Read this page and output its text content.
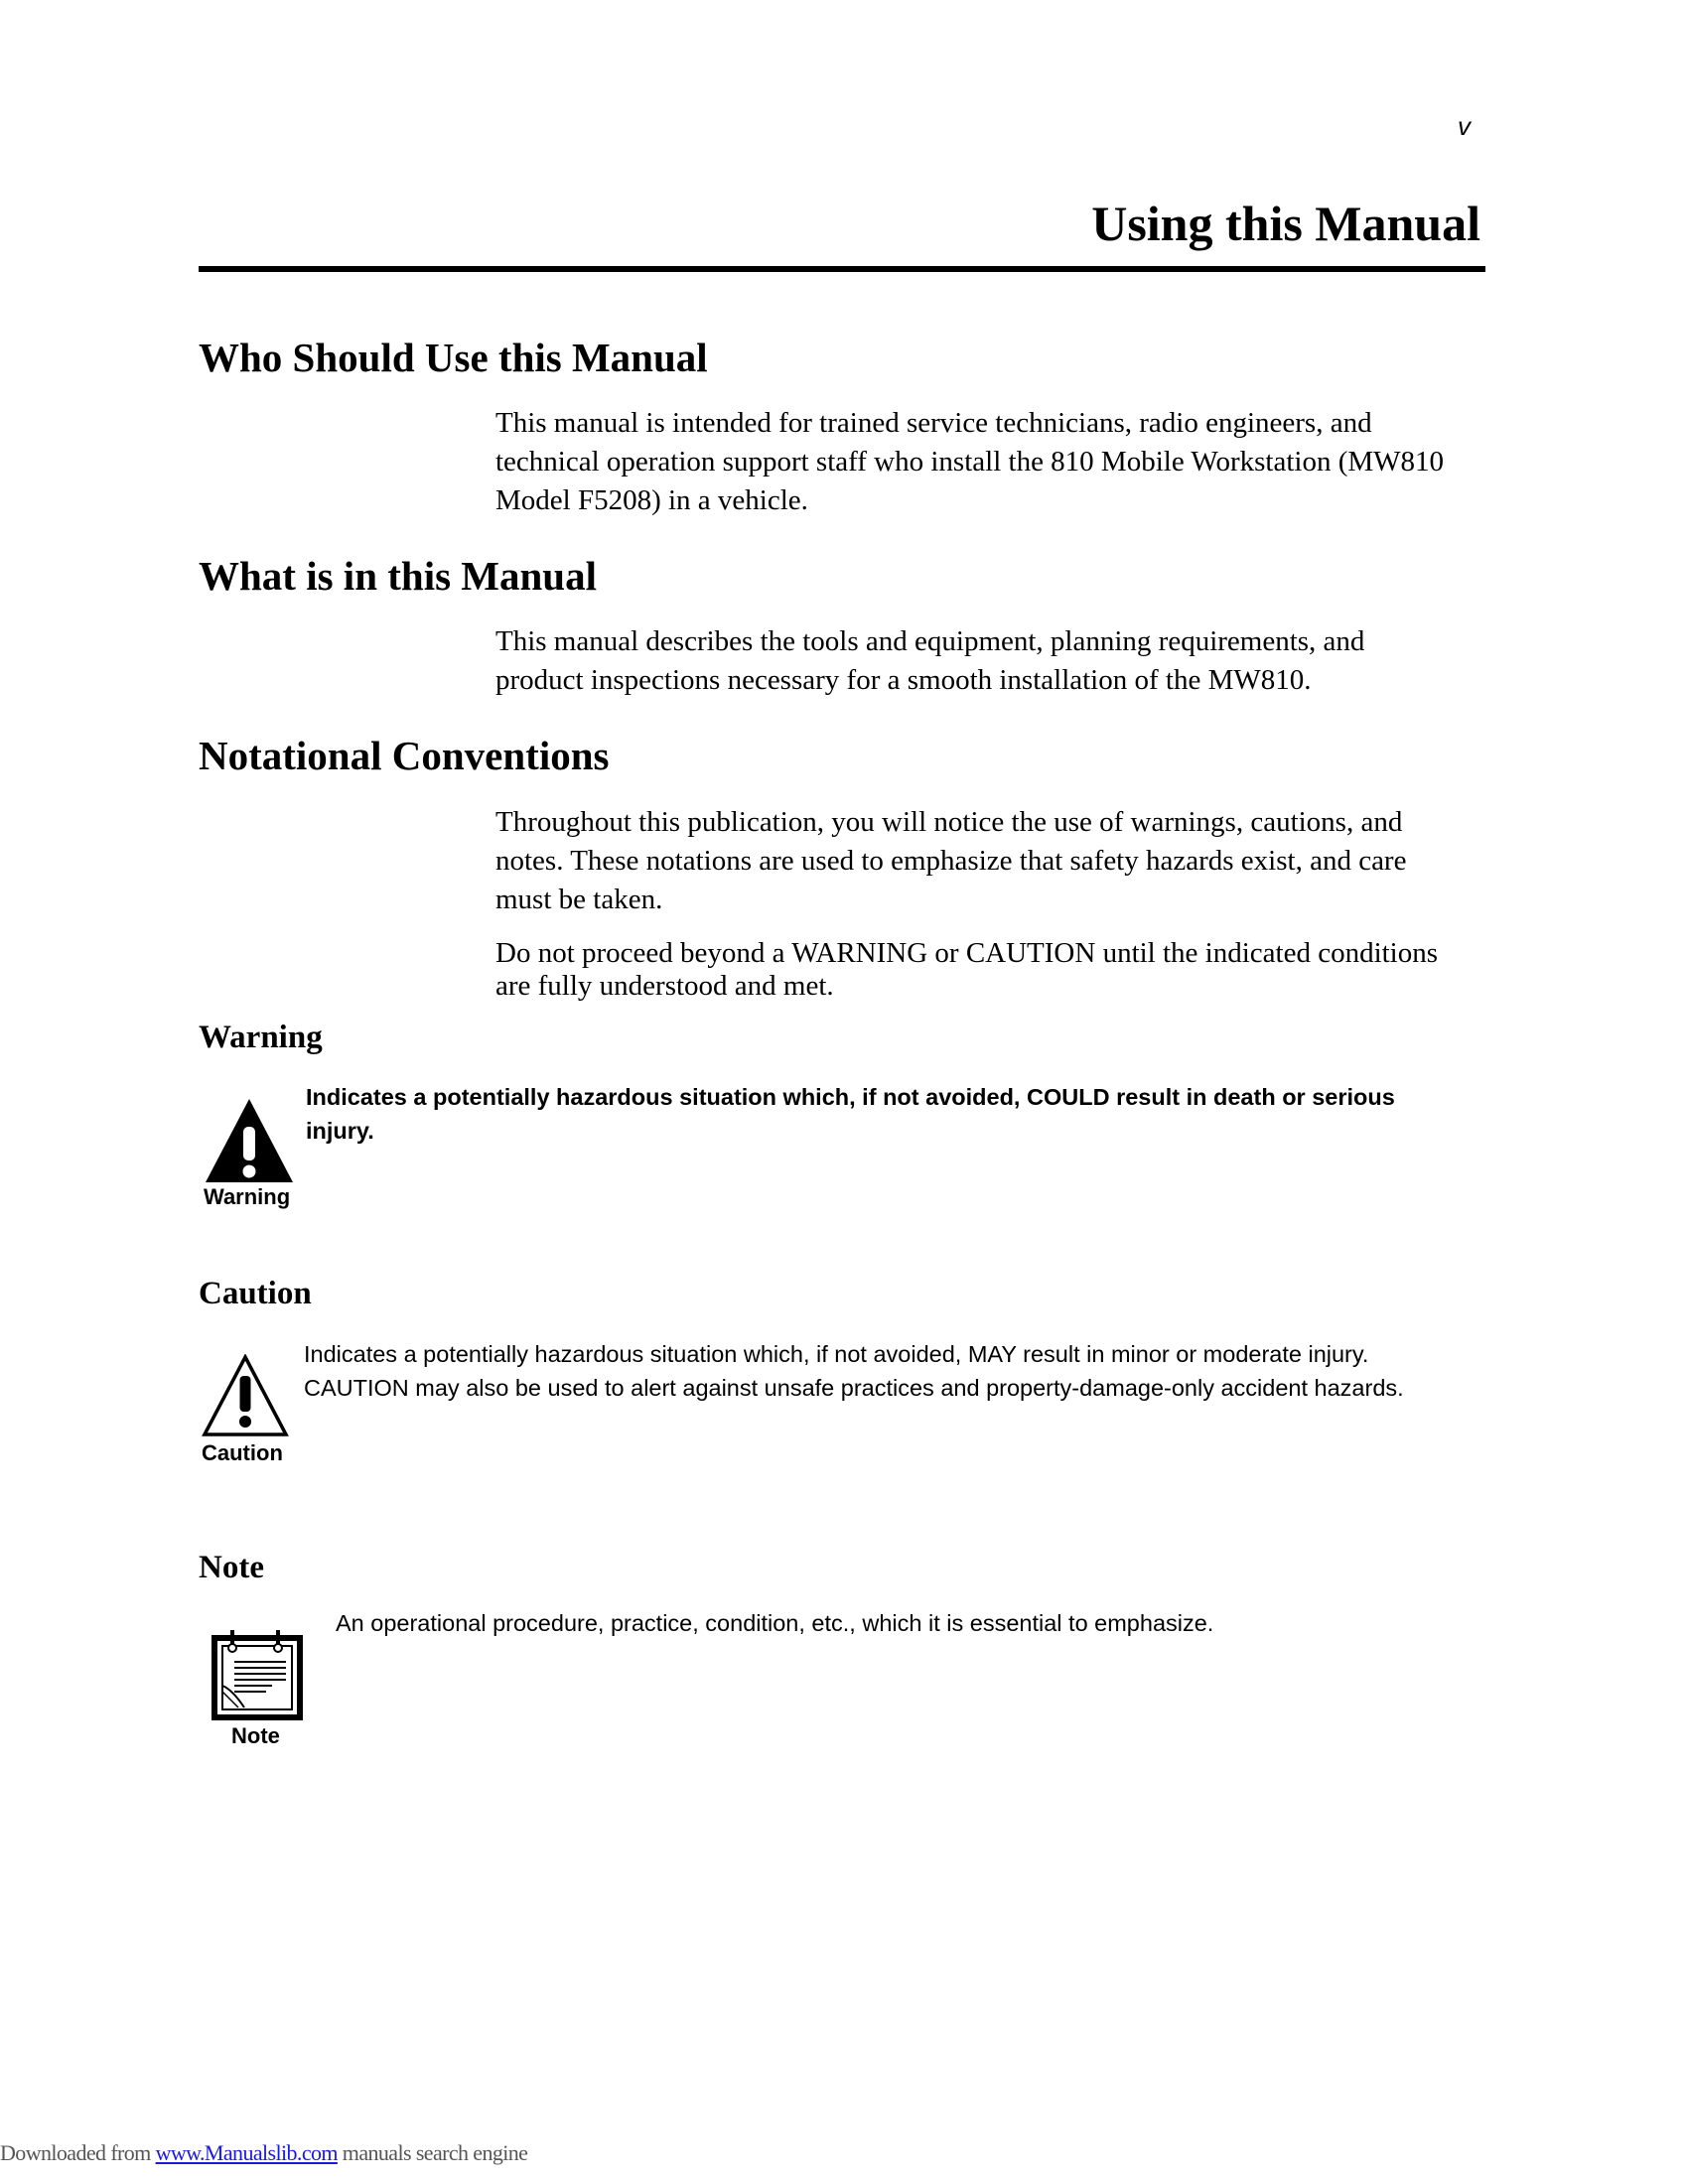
v
Using this Manual
Who Should Use this Manual

This manual is intended for trained service technicians, radio engineers, and

technical operation support staff who install the 810 Mobile Workstation (MW810

Model F5208) in a vehicle.

What is in this Manual

This manual describes the tools and equipment, planning requirements, and

product inspections necessary for a smooth installation of the MW810.

Notational Conventions

Throughout this publication, you will notice the use of warnings, cautions, and

notes. These notations are used to emphasize that safety hazards exist, and care

must be taken.

Do not proceed beyond a WARNING or CAUTION until the indicated conditions

are fully understood and met.

Warning
Warning

Indicates a potentially hazardous situation which, if not avoided, COULD result in death or serious

injury.

Caution
Caution

Indicates a potentially hazardous situation which, if not avoided, MAY result in minor or moderate injury.

CAUTION may also be used to alert against unsafe practices and property-damage-only accident hazards.

Note
Note

An operational procedure, practice, condition, etc., which it is essential to emphasize.

Downloaded from www.Manualslib.com manuals search engine
